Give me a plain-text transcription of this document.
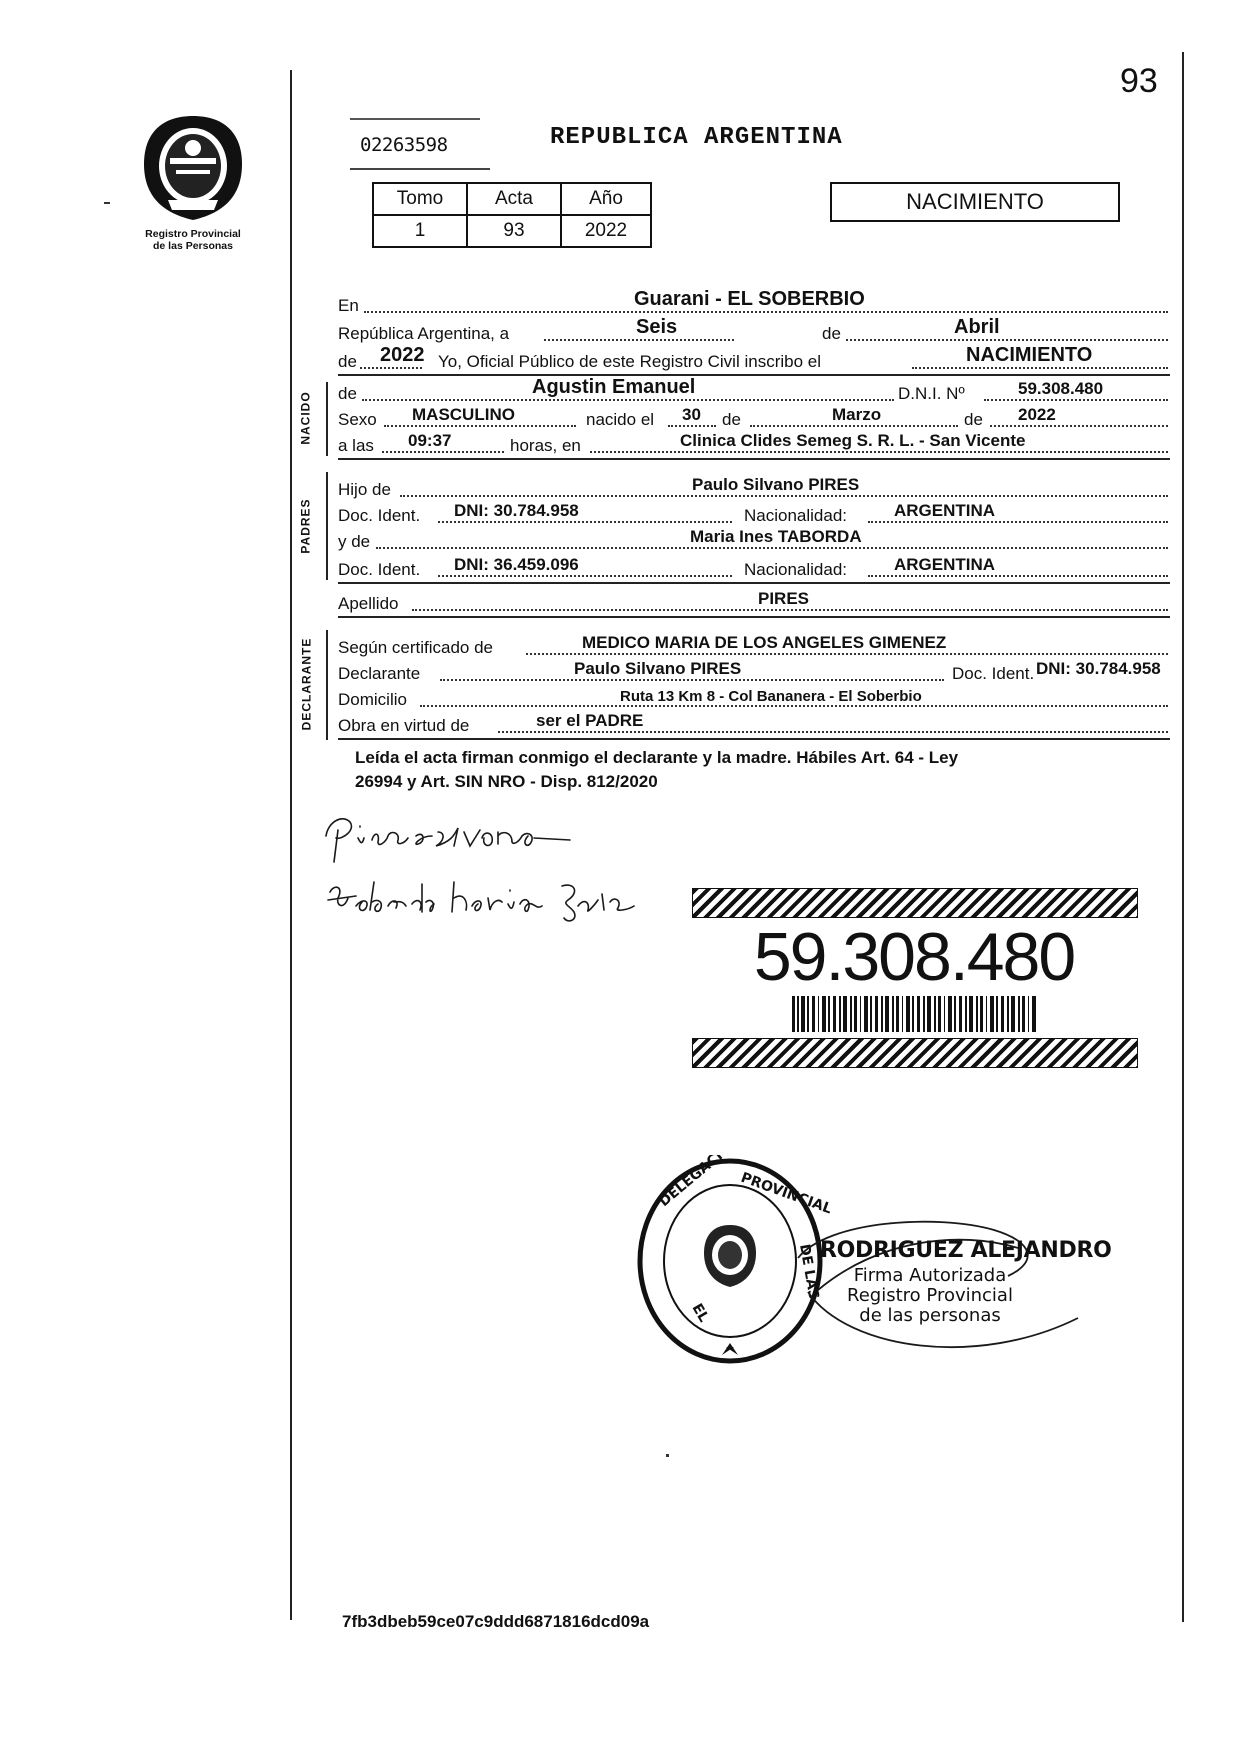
93
Registro Provincial
de las Personas
02263598	REPUBLICA ARGENTINA
Tomo	Acta	Año
1	93	2022
NACIMIENTO
En	Guarani - EL SOBERBIO
República Argentina, a	Seis	de	Abril
de 2022 Yo, Oficial Público de este Registro Civil inscribo el	NACIMIENTO
NACIDO de	Agustin Emanuel	D.N.I. Nº	59.308.480
Sexo MASCULINO	nacido el 30 de	Marzo	de 2022
a las 09:37	horas, en	Clinica Clides Semeg S. R. L. - San Vicente
PADRES
Hijo de	Paulo Silvano PIRES
Doc. Ident. DNI: 30.784.958	Nacionalidad:	ARGENTINA
y de	Maria Ines TABORDA
Doc. Ident. DNI: 36.459.096	Nacionalidad:	ARGENTINA
Apellido	PIRES
DECLARANTE Según certificado de	MEDICO MARIA DE LOS ANGELES GIMENEZ
Declarante	Paulo Silvano PIRES	Doc. Ident. DNI: 30.784.958
Domicilio	Ruta 13 Km 8 - Col Bananera - El Soberbio
Obra en virtud de	ser el PADRE
Leída el acta firman conmigo el declarante y la madre. Hábiles Art. 64 - Ley
26994 y Art. SIN NRO - Disp. 812/2020
59.308.480
DELEGACION
PROVINCIAL
DE LAS
EL
RODRIGUEZ ALEJANDRO
Firma Autorizada
Registro Provincial
de las personas
7fb3dbeb59ce07c9ddd6871816dcd09a
